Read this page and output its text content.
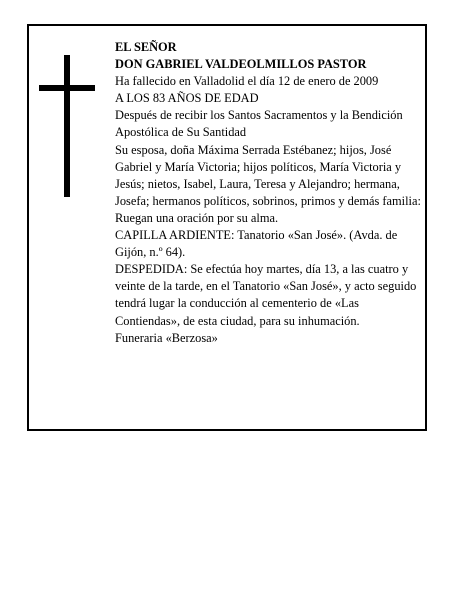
EL SEÑOR

DON GABRIEL VALDEOLMILLOS PASTOR

Ha fallecido en Valladolid el día 12 de enero de 2009

A LOS 83 AÑOS DE EDAD

Después de recibir los Santos Sacramentos y la Bendición Apostólica de Su Santidad

Su esposa, doña Máxima Serrada Estébanez; hijos, José Gabriel y María Victoria; hijos políticos, María Victoria y Jesús; nietos, Isabel, Laura, Teresa y Alejandro; hermana, Josefa; hermanos políticos, sobrinos, primos y demás familia:

Ruegan una oración por su alma.

CAPILLA ARDIENTE: Tanatorio «San José». (Avda. de Gijón, n.º 64).

DESPEDIDA: Se efectúa hoy martes, día 13, a las cuatro y veinte de la tarde, en el Tanatorio «San José», y acto seguido tendrá lugar la conducción al cementerio de «Las Contiendas», de esta ciudad, para su inhumación.

Funeraria «Berzosa»
